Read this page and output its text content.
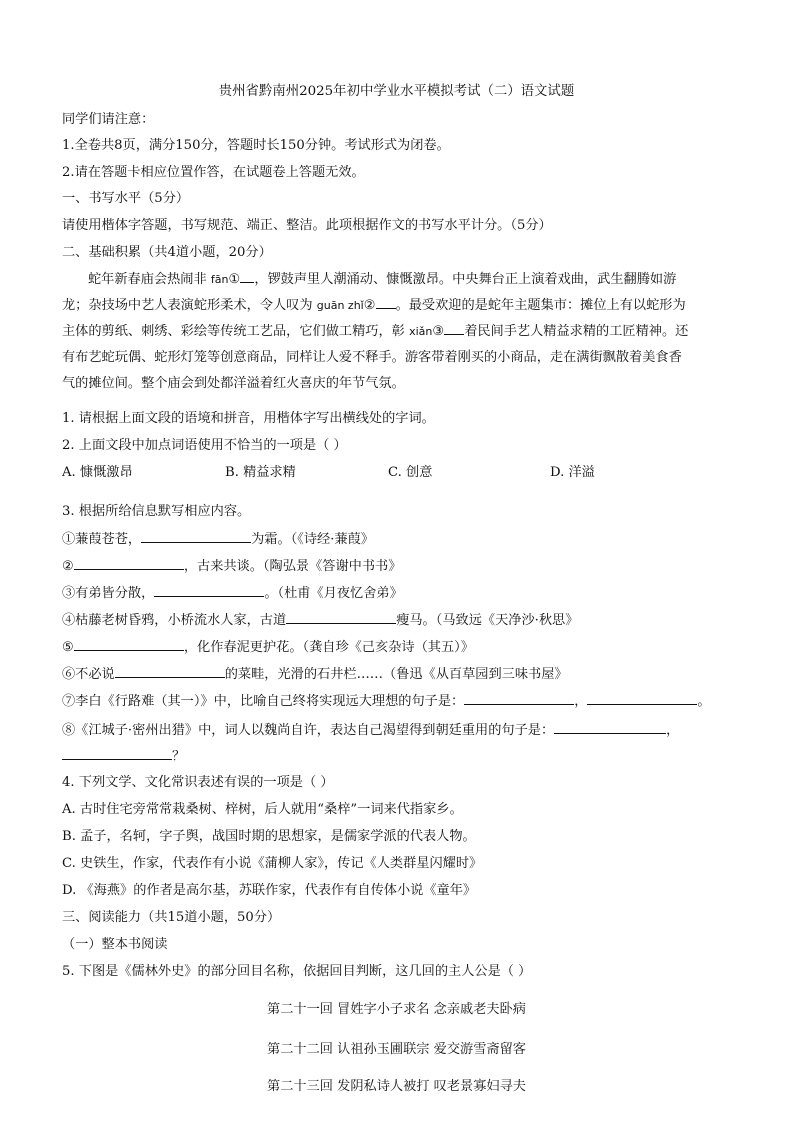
贵州省黔南州2025年初中学业水平模拟考试（二）语文试题
同学们请注意：
1.全卷共8页，满分150分，答题时长150分钟。考试形式为闭卷。
2.请在答题卡相应位置作答，在试题卷上答题无效。
一、书写水平（5分）
请使用楷体字答题，书写规范、端正、整洁。此项根据作文的书写水平计分。（5分）
二、基础积累（共4道小题，20分）
蛇年新春庙会热闹非 fān① ，锣鼓声里人潮涌动、慷慨激昂。中央舞台正上演着戏曲，武生翻腾如游
龙；杂技场中艺人表演蛇形柔术，令人叹为 guān zhǐ② 。最受欢迎的是蛇年主题集市：摊位上有以蛇形为
主体的剪纸、刺绣、彩绘等传统工艺品，它们做工精巧，彰 xiǎn③ 着民间手艺人精益求精的工匠精神。还
有布艺蛇玩偶、蛇形灯笼等创意商品，同样让人爱不释手。游客带着刚买的小商品，走在满街飘散着美食香
气的摊位间。整个庙会到处都洋溢着红火喜庆的年节气氛。
1. 请根据上面文段的语境和拼音，用楷体字写出横线处的字词。
2. 上面文段中加点词语使用不恰当的一项是（ ）
A. 慷慨激昂	B. 精益求精	C. 创意	D. 洋溢
3. 根据所给信息默写相应内容。
①蒹葭苍苍，	为霜。（《诗经·蒹葭》
②	，古来共谈。（陶弘景《答谢中书书》
③有弟皆分散，	。（杜甫《月夜忆舍弟》
④枯藤老树昏鸦，小桥流水人家，古道	瘦马。（马致远《天净沙·秋思》
⑤	，化作春泥更护花。（龚自珍《己亥杂诗（其五）》
⑥不必说	的菜畦，光滑的石井栏……（鲁迅《从百草园到三味书屋》
⑦李白《行路难（其一）》中，比喻自己终将实现远大理想的句子是：	，	。
⑧《江城子·密州出猎》中，词人以魏尚自许，表达自己渴望得到朝廷重用的句子是：	，
？
4. 下列文学、文化常识表述有误的一项是（ ）
A. 古时住宅旁常常栽桑树、梓树，后人就用“桑梓”一词来代指家乡。
B. 孟子，名轲，字子舆，战国时期的思想家，是儒家学派的代表人物。
C. 史铁生，作家，代表作有小说《蒲柳人家》，传记《人类群星闪耀时》
D. 《海燕》的作者是高尔基，苏联作家，代表作有自传体小说《童年》
三、阅读能力（共15道小题，50分）
（一）整本书阅读
5. 下图是《儒林外史》的部分回目名称，依据回目判断，这几回的主人公是（ ）
第二十一回 冒姓字小子求名 念亲戚老夫卧病
第二十二回 认祖孙玉圃联宗 爱交游雪斋留客
第二十三回 发阴私诗人被打 叹老景寡妇寻夫
